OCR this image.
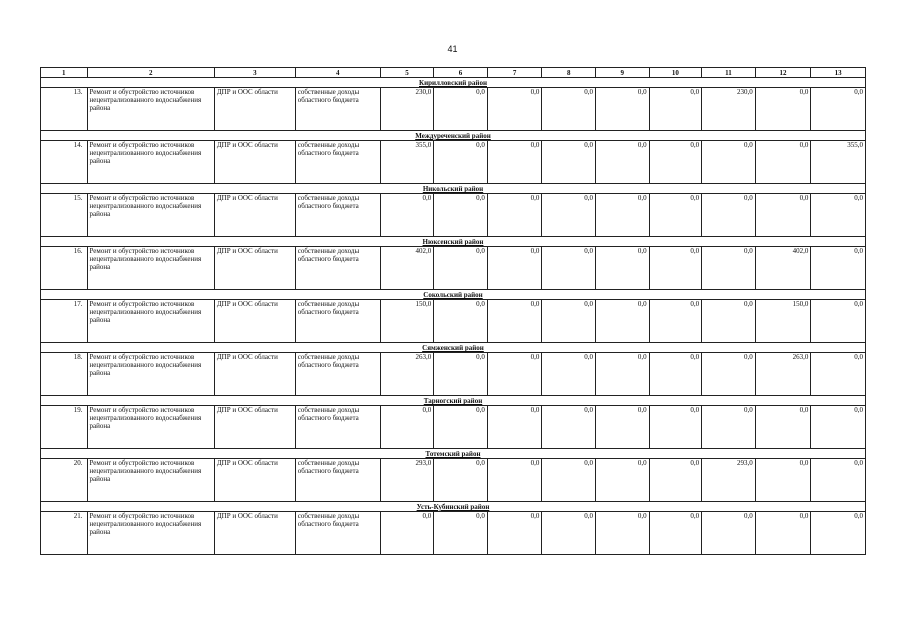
41
1	2	3	4	5	6	7	8	9	10	11	12	13
Кирилловский район												
13.	Ремонт и обустройство источников нецентрализованного водоснабжения района	ДПР и ООС области	собственные доходы областного бюджета	230,0	0,0	0,0	0,0	0,0	0,0	230,0	0,0	0,0
Междуреченский район												
14.	Ремонт и обустройство источников нецентрализованного водоснабжения района	ДПР и ООС области	собственные доходы областного бюджета	355,0	0,0	0,0	0,0	0,0	0,0	0,0	0,0	355,0
Никольский район												
15.	Ремонт и обустройство источников нецентрализованного водоснабжения района	ДПР и ООС области	собственные доходы областного бюджета	0,0	0,0	0,0	0,0	0,0	0,0	0,0	0,0	0,0
Нюксенский район												
16.	Ремонт и обустройство источников нецентрализованного водоснабжения района	ДПР и ООС области	собственные доходы областного бюджета	402,0	0,0	0,0	0,0	0,0	0,0	0,0	402,0	0,0
Сокольский район												
17.	Ремонт и обустройство источников нецентрализованного водоснабжения района	ДПР и ООС области	собственные доходы областного бюджета	150,0	0,0	0,0	0,0	0,0	0,0	0,0	150,0	0,0
Сямженский район												
18.	Ремонт и обустройство источников нецентрализованного водоснабжения района	ДПР и ООС области	собственные доходы областного бюджета	263,0	0,0	0,0	0,0	0,0	0,0	0,0	263,0	0,0
Тарногский район												
19.	Ремонт и обустройство источников нецентрализованного водоснабжения района	ДПР и ООС области	собственные доходы областного бюджета	0,0	0,0	0,0	0,0	0,0	0,0	0,0	0,0	0,0
Тотемский район												
20.	Ремонт и обустройство источников нецентрализованного водоснабжения района	ДПР и ООС области	собственные доходы областного бюджета	293,0	0,0	0,0	0,0	0,0	0,0	293,0	0,0	0,0
Усть-Кубинский район												
21.	Ремонт и обустройство источников нецентрализованного водоснабжения района	ДПР и ООС области	собственные доходы областного бюджета	0,0	0,0	0,0	0,0	0,0	0,0	0,0	0,0	0,0
